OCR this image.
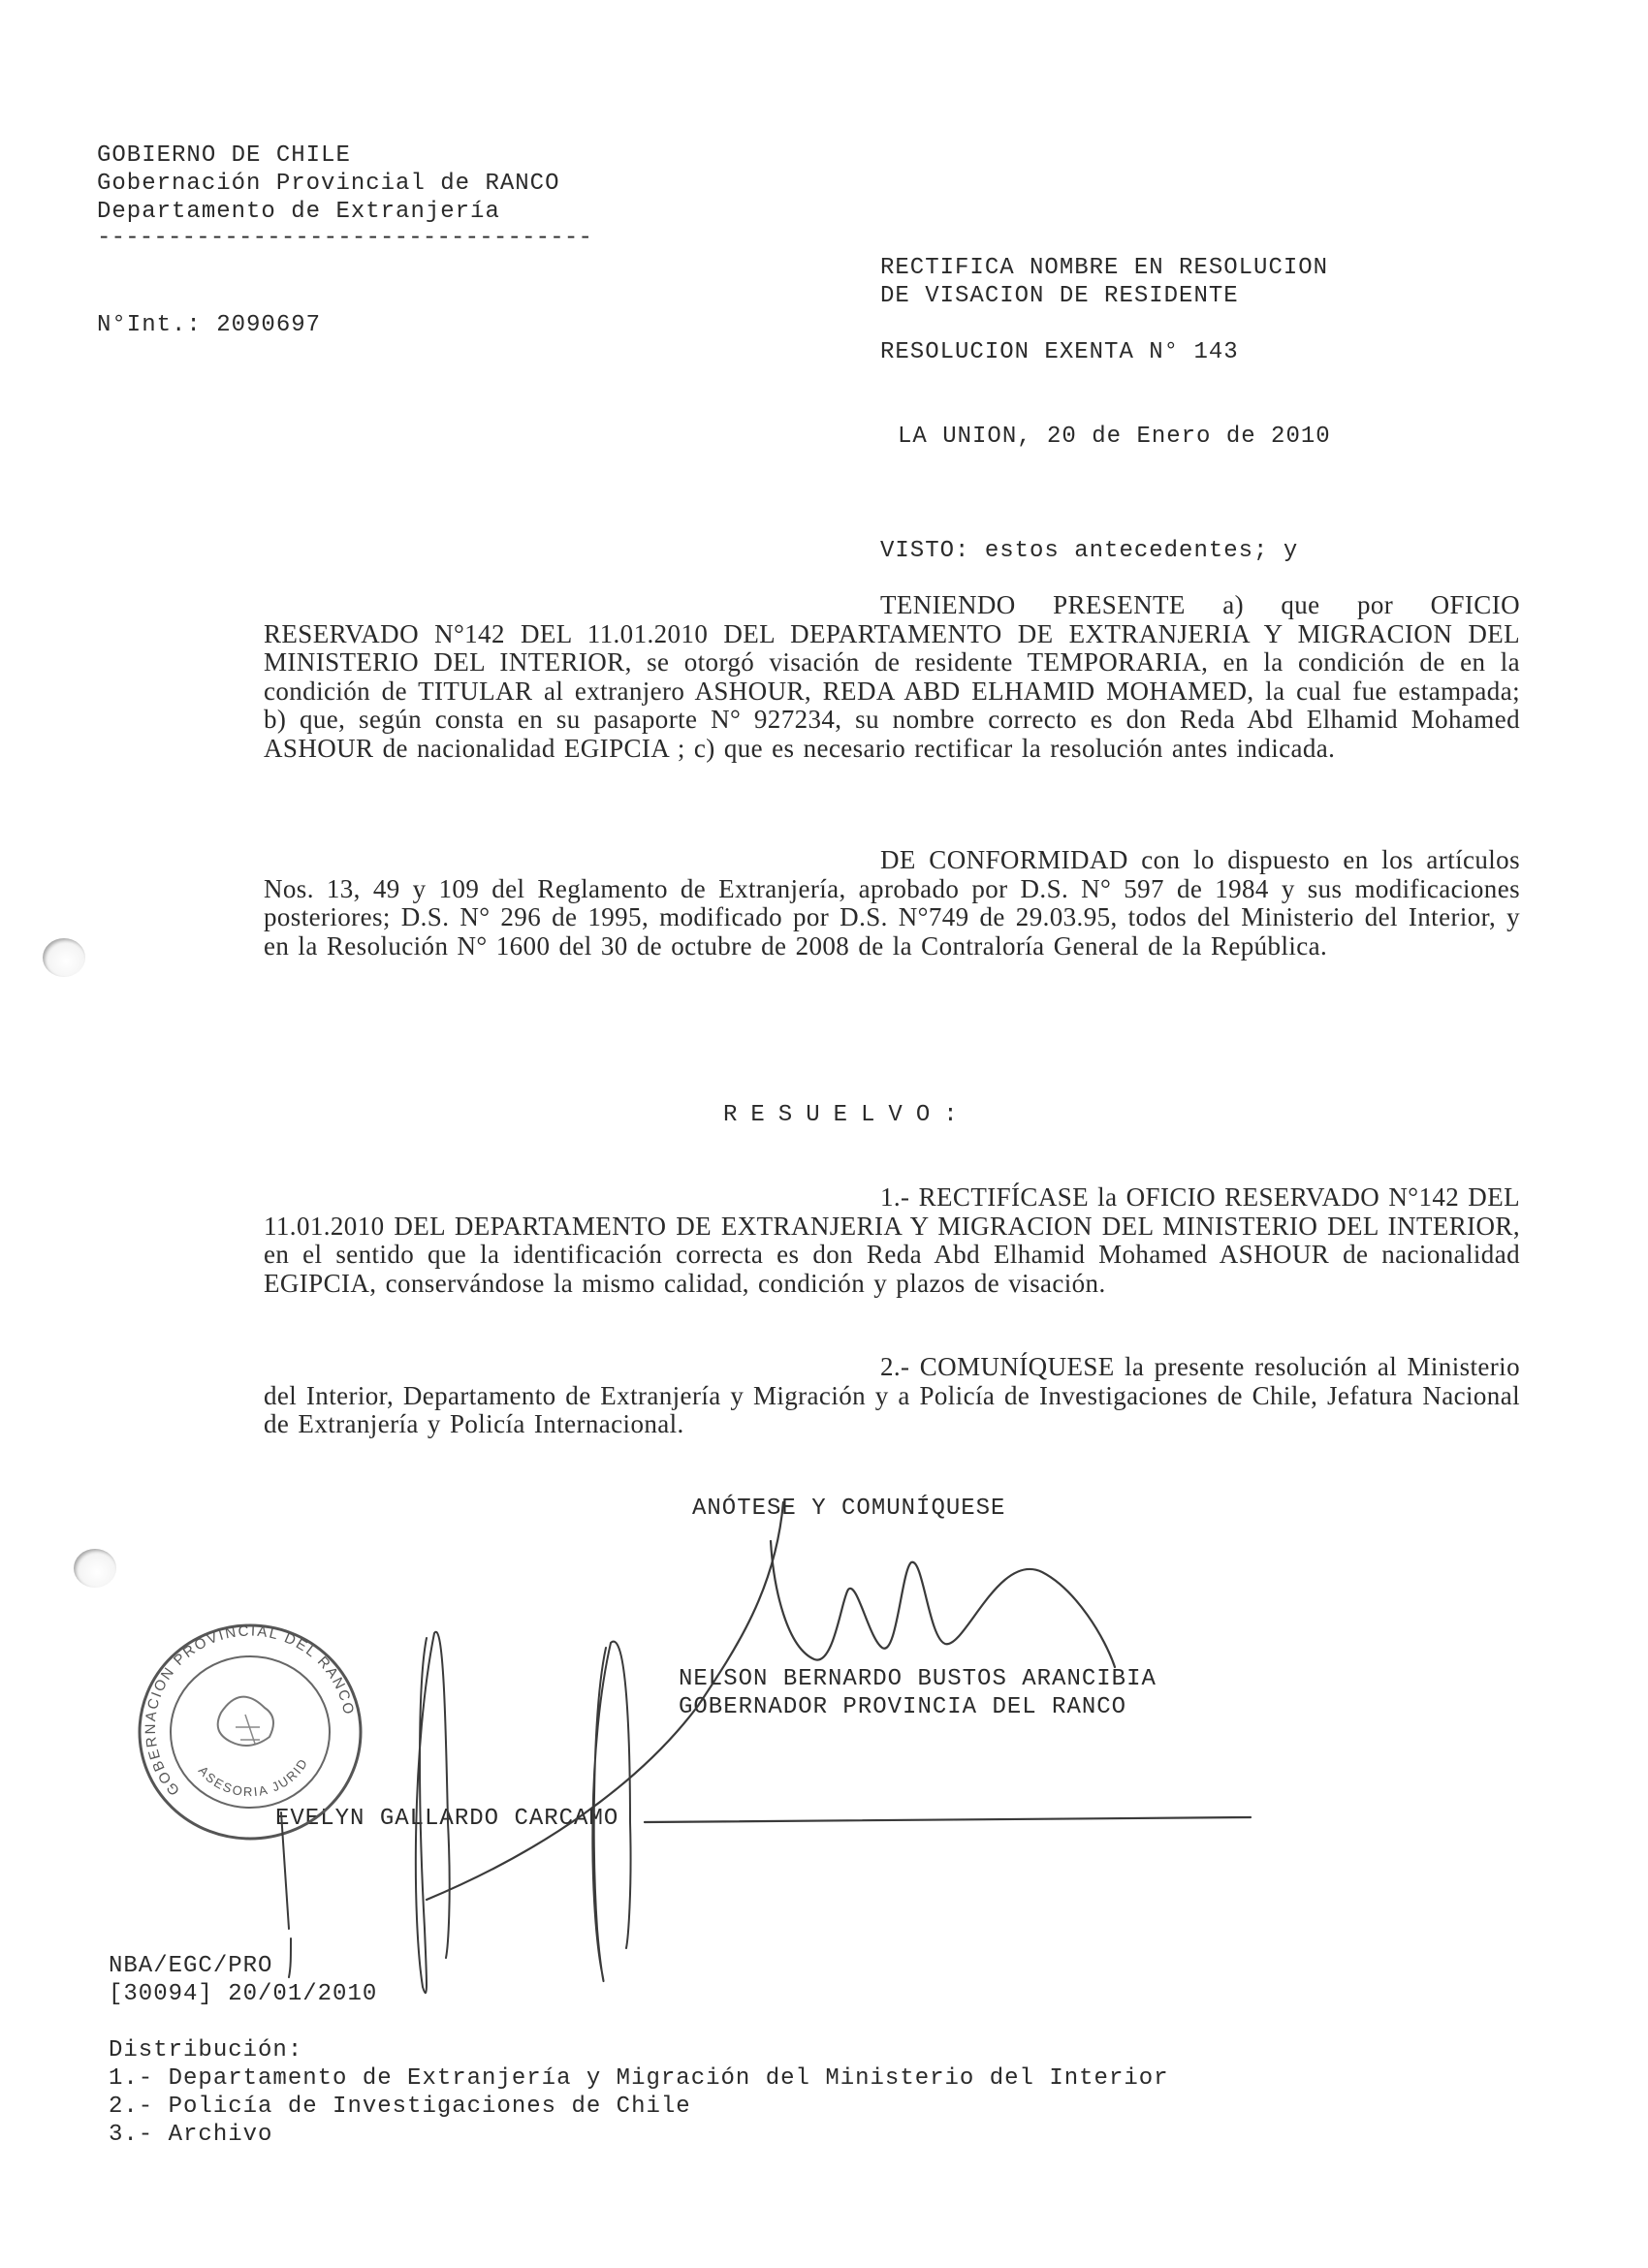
GOBIERNO DE CHILE
Gobernación Provincial de RANCO
Departamento de Extranjería
-----------------------------------
N°Int.: 2090697
RECTIFICA NOMBRE EN RESOLUCION
DE VISACION DE RESIDENTE
RESOLUCION EXENTA N° 143
LA UNION, 20 de Enero de 2010
VISTO: estos antecedentes; y
TENIENDO PRESENTE a) que por OFICIO RESERVADO N°142 DEL 11.01.2010 DEL DEPARTAMENTO DE EXTRANJERIA Y MIGRACION DEL MINISTERIO DEL INTERIOR, se otorgó visación de residente TEMPORARIA, en la condición de en la condición de TITULAR al extranjero ASHOUR, REDA ABD ELHAMID MOHAMED, la cual fue estampada; b) que, según consta en su pasaporte N° 927234, su nombre correcto es don Reda Abd Elhamid Mohamed ASHOUR de nacionalidad EGIPCIA ; c) que es necesario rectificar la resolución antes indicada.
DE CONFORMIDAD con lo dispuesto en los artículos Nos. 13, 49 y 109 del Reglamento de Extranjería, aprobado por D.S. N° 597 de 1984 y sus modificaciones posteriores; D.S. N° 296 de 1995, modificado por D.S. N°749 de 29.03.95, todos del Ministerio del Interior, y en la Resolución N° 1600 del 30 de octubre de 2008 de la Contraloría General de la República.
RESUELVO:
1.- RECTIFÍCASE la OFICIO RESERVADO N°142 DEL 11.01.2010 DEL DEPARTAMENTO DE EXTRANJERIA Y MIGRACION DEL MINISTERIO DEL INTERIOR, en el sentido que la identificación correcta es don Reda Abd Elhamid Mohamed ASHOUR de nacionalidad EGIPCIA, conservándose la mismo calidad, condición y plazos de visación.
2.- COMUNÍQUESE la presente resolución al Ministerio del Interior, Departamento de Extranjería y Migración y a Policía de Investigaciones de Chile, Jefatura Nacional de Extranjería y Policía Internacional.
ANÓTESE Y COMUNÍQUESE
NELSON BERNARDO BUSTOS ARANCIBIA
GOBERNADOR PROVINCIA DEL RANCO
EVELYN GALLARDO CARCAMO
GOBERNACION PROVINCIAL DEL RANCO
ASESORIA JURID
NBA/EGC/PRO
[30094] 20/01/2010
Distribución:
1.- Departamento de Extranjería y Migración del Ministerio del Interior
2.- Policía de Investigaciones de Chile
3.- Archivo
